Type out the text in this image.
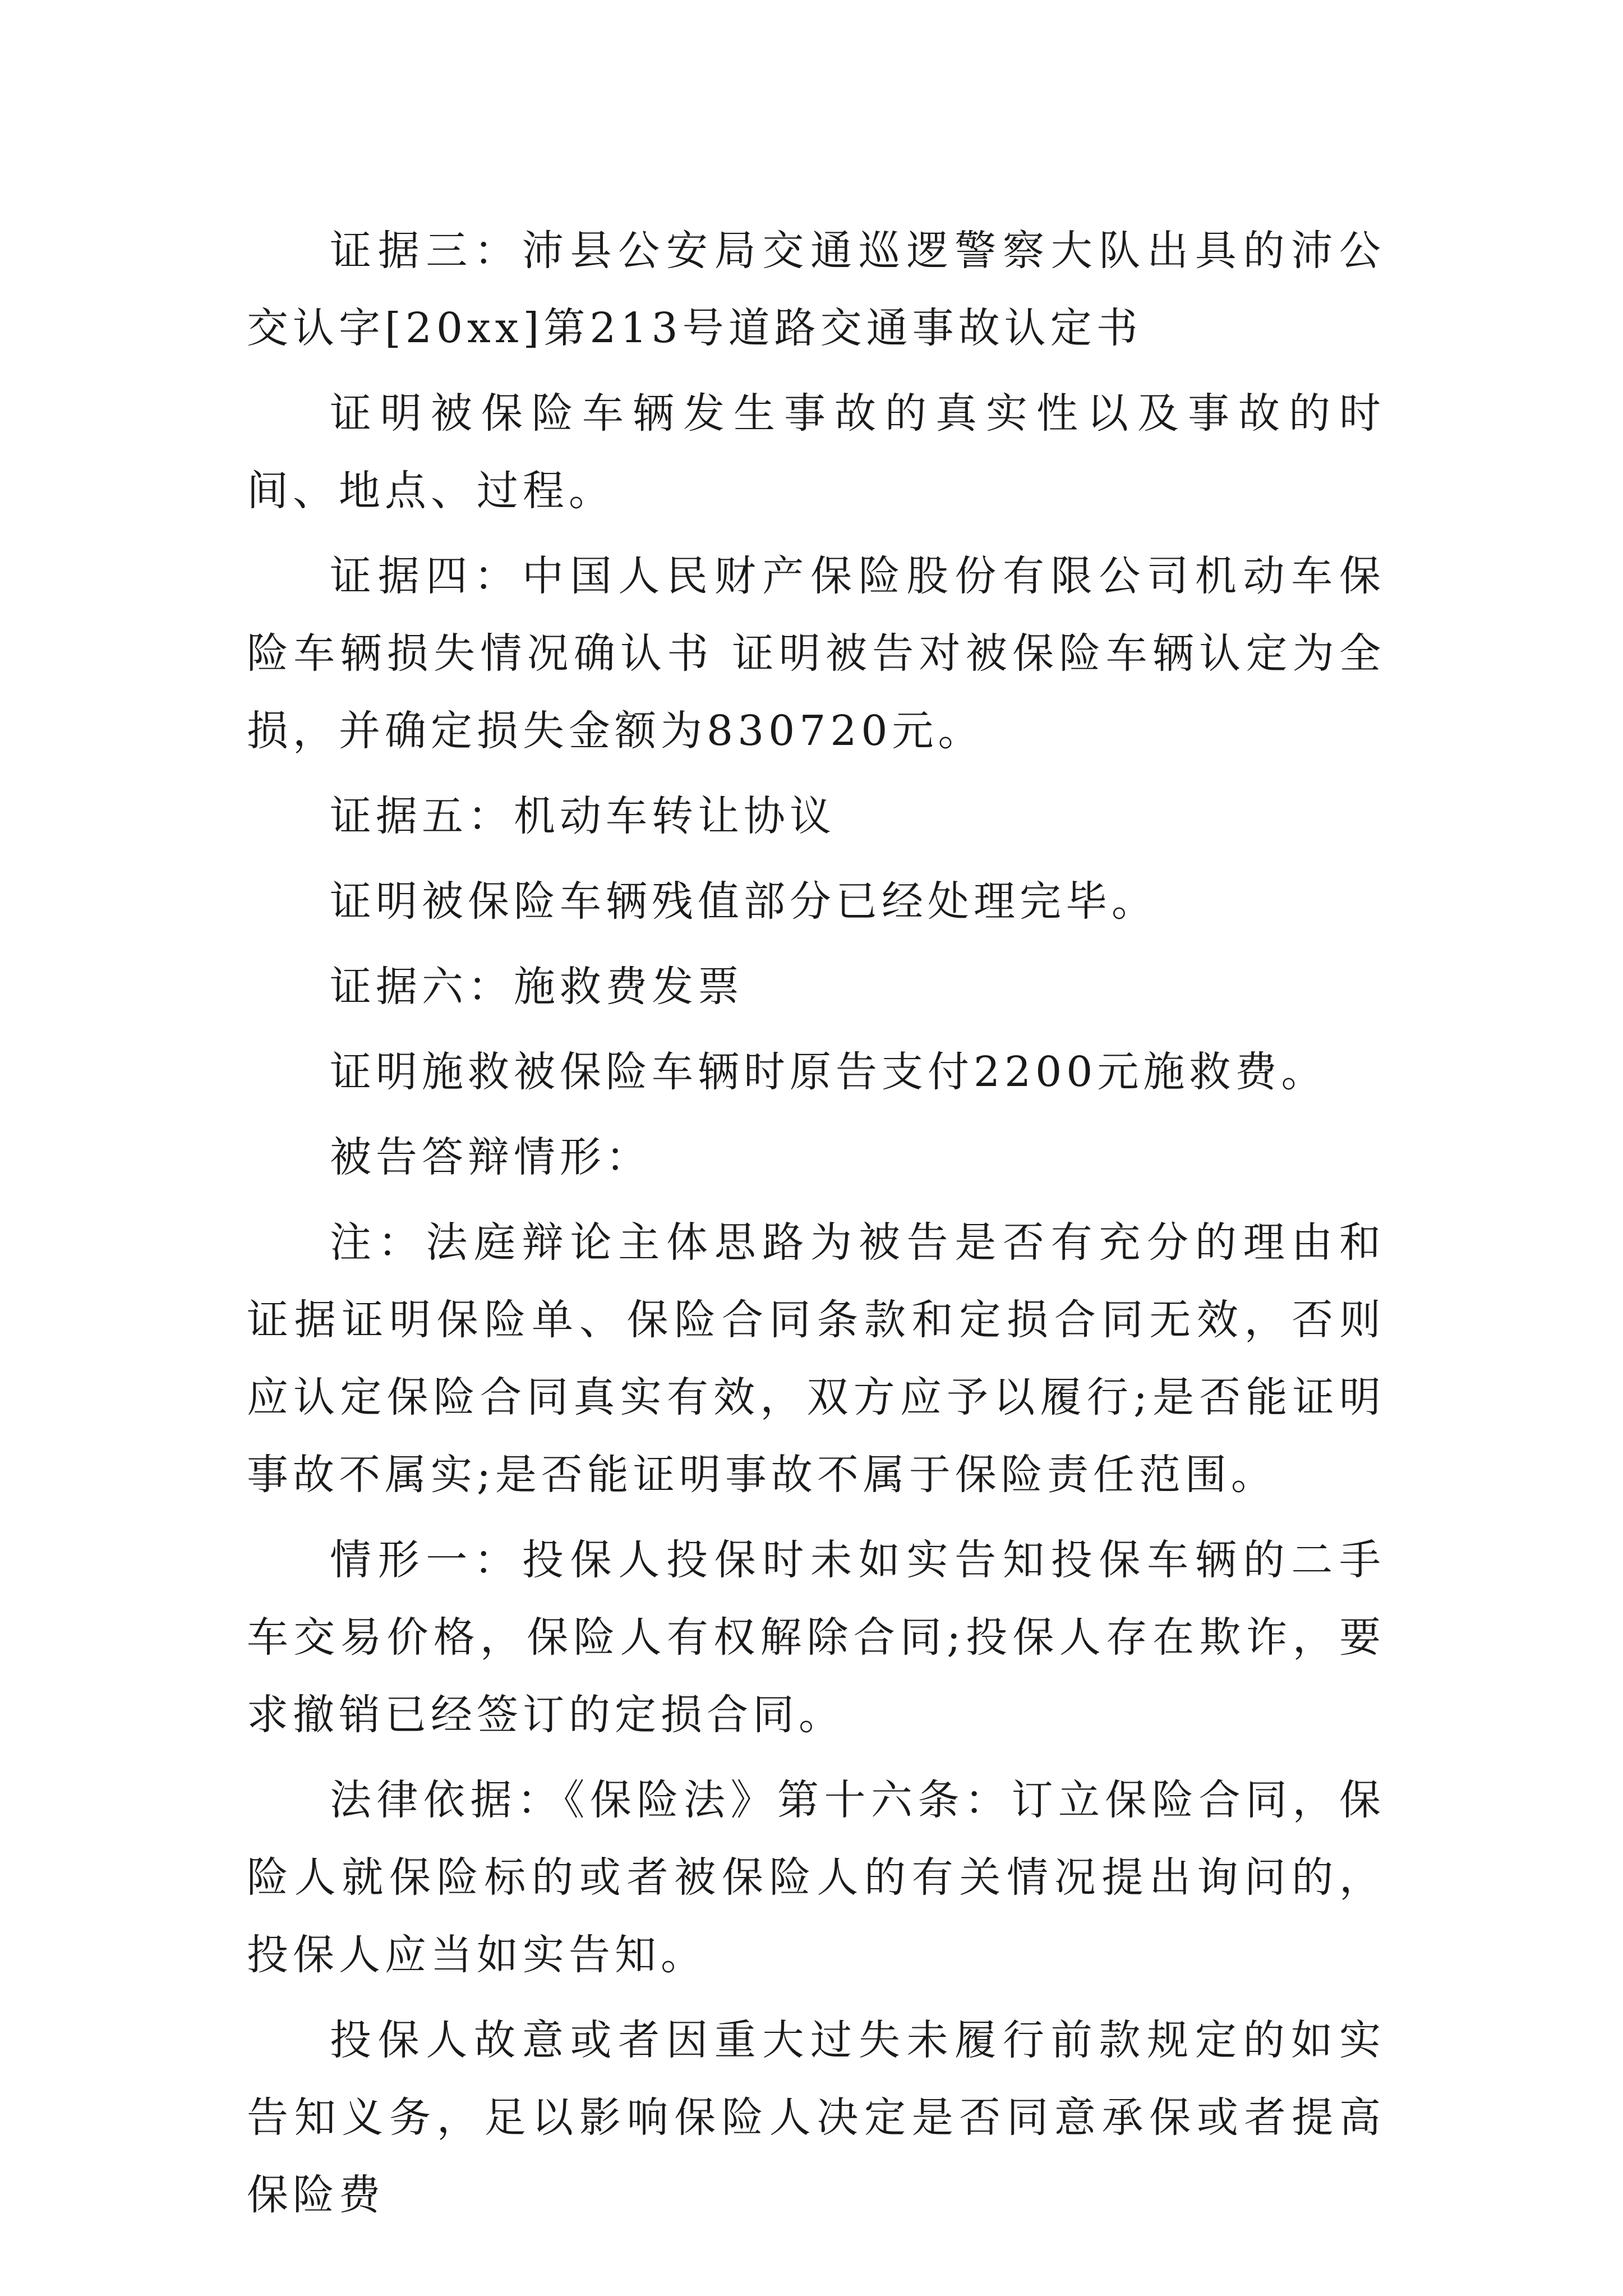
证据三：沛县公安局交通巡逻警察大队出具的沛公交认字[20xx]第213号道路交通事故认定书

证明被保险车辆发生事故的真实性以及事故的时间、地点、过程。

证据四：中国人民财产保险股份有限公司机动车保险车辆损失情况确认书 证明被告对被保险车辆认定为全损，并确定损失金额为830720元。

证据五：机动车转让协议

证明被保险车辆残值部分已经处理完毕。

证据六：施救费发票

证明施救被保险车辆时原告支付2200元施救费。

被告答辩情形：

注：法庭辩论主体思路为被告是否有充分的理由和证据证明保险单、保险合同条款和定损合同无效，否则应认定保险合同真实有效，双方应予以履行;是否能证明事故不属实;是否能证明事故不属于保险责任范围。

情形一：投保人投保时未如实告知投保车辆的二手车交易价格，保险人有权解除合同;投保人存在欺诈，要求撤销已经签订的定损合同。

法律依据：《保险法》第十六条：订立保险合同，保险人就保险标的或者被保险人的有关情况提出询问的，投保人应当如实告知。

投保人故意或者因重大过失未履行前款规定的如实告知义务，足以影响保险人决定是否同意承保或者提高保险费
